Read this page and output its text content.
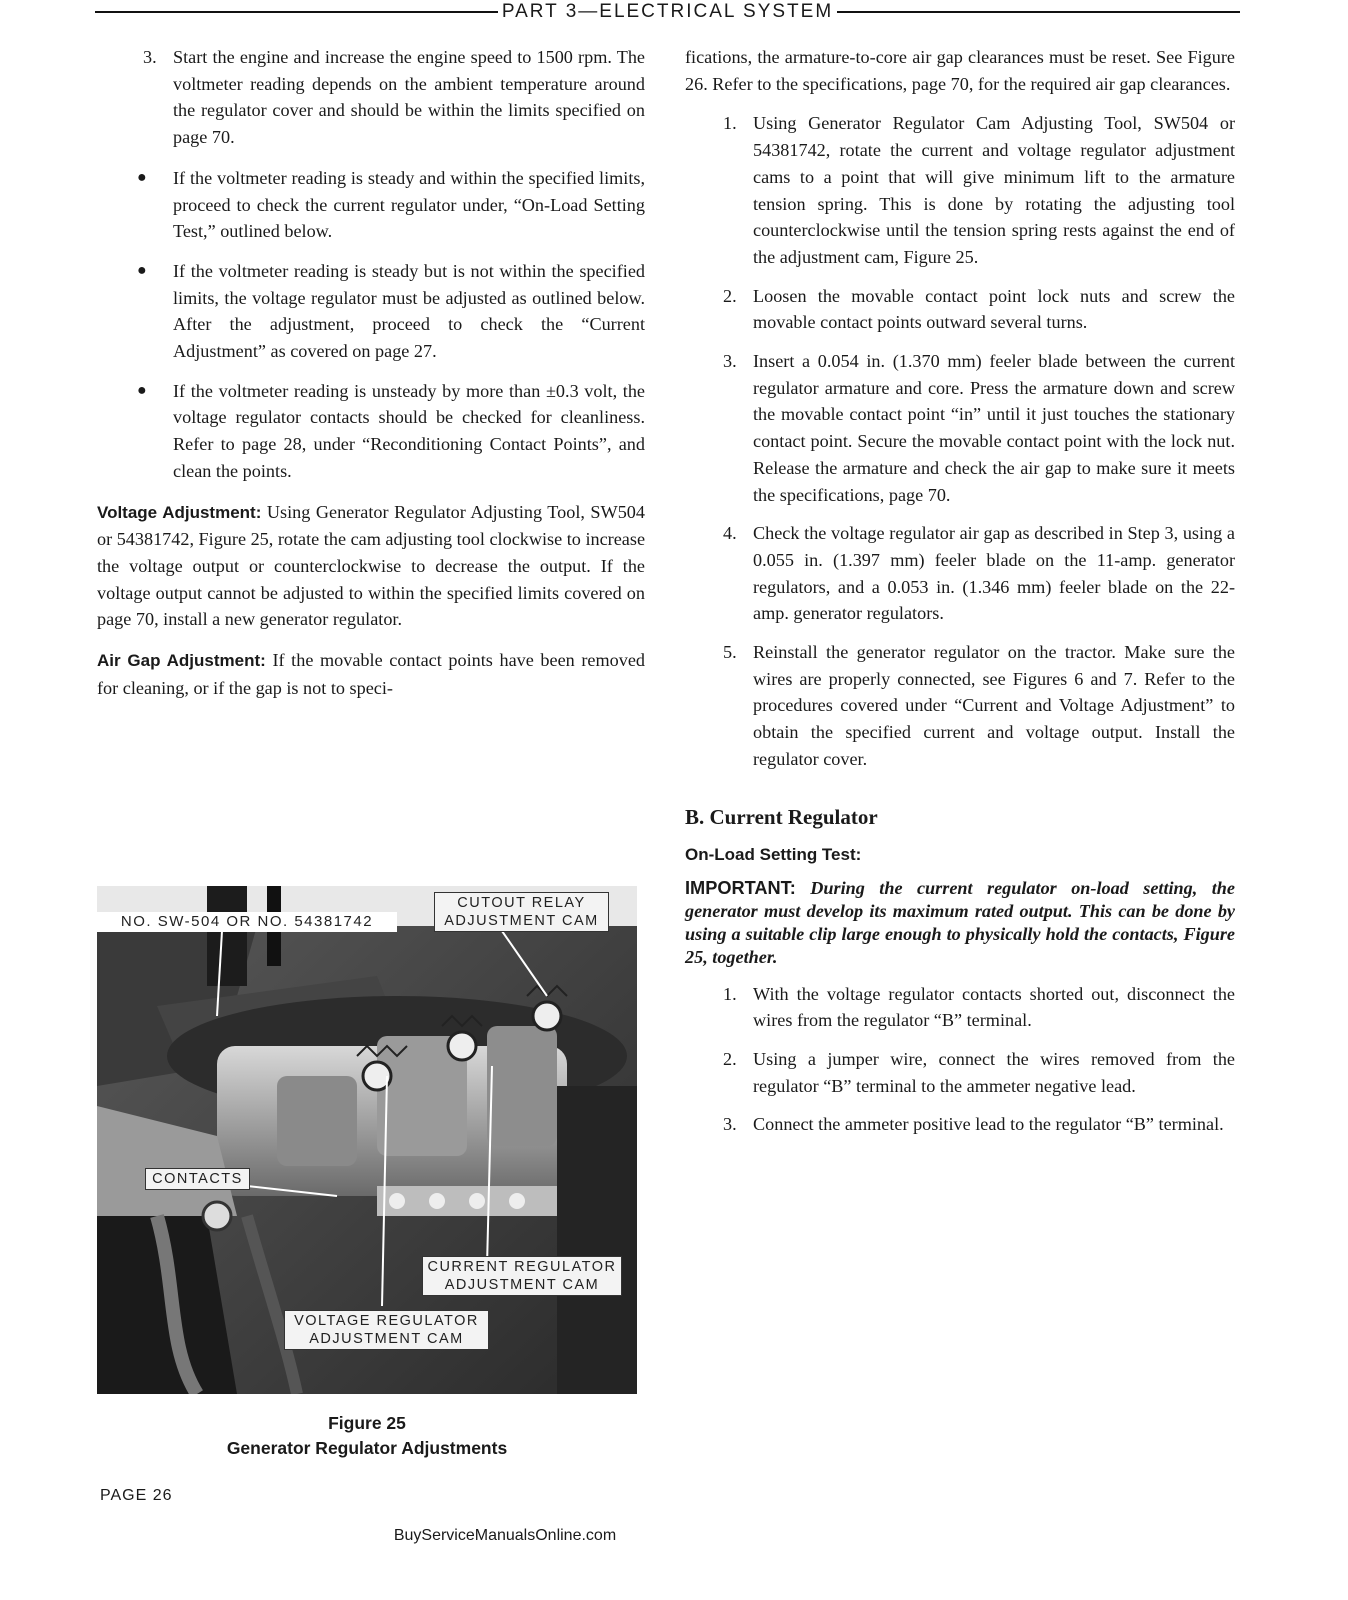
PART 3—ELECTRICAL SYSTEM
3. Start the engine and increase the engine speed to 1500 rpm. The voltmeter reading depends on the ambient temperature around the regulator cover and should be within the limits specified on page 70.

● If the voltmeter reading is steady and within the specified limits, proceed to check the current regulator under, “On-Load Setting Test,” outlined below.

● If the voltmeter reading is steady but is not within the specified limits, the voltage regulator must be adjusted as outlined below. After the adjustment, proceed to check the “Current Adjustment” as covered on page 27.

● If the voltmeter reading is unsteady by more than ±0.3 volt, the voltage regulator contacts should be checked for cleanliness. Refer to page 28, under “Reconditioning Contact Points”, and clean the points.

Voltage Adjustment: Using Generator Regulator Adjusting Tool, SW504 or 54381742, Figure 25, rotate the cam adjusting tool clockwise to increase the voltage output or counterclockwise to decrease the output. If the voltage output cannot be adjusted to within the specified limits covered on page 70, install a new generator regulator.

Air Gap Adjustment: If the movable contact points have been removed for cleaning, or if the gap is not to speci-

NO. SW-504 OR NO. 54381742
CUTOUT RELAY ADJUSTMENT CAM
CONTACTS
CURRENT REGULATOR ADJUSTMENT CAM
VOLTAGE REGULATOR ADJUSTMENT CAM
Figure 25
Generator Regulator Adjustments

fications, the armature-to-core air gap clearances must be reset. See Figure 26. Refer to the specifications, page 70, for the required air gap clearances.

1. Using Generator Regulator Cam Adjusting Tool, SW504 or 54381742, rotate the current and voltage regulator adjustment cams to a point that will give minimum lift to the armature tension spring. This is done by rotating the adjusting tool counterclockwise until the tension spring rests against the end of the adjustment cam, Figure 25.

2. Loosen the movable contact point lock nuts and screw the movable contact points outward several turns.

3. Insert a 0.054 in. (1.370 mm) feeler blade between the current regulator armature and core. Press the armature down and screw the movable contact point “in” until it just touches the stationary contact point. Secure the movable contact point with the lock nut. Release the armature and check the air gap to make sure it meets the specifications, page 70.

4. Check the voltage regulator air gap as described in Step 3, using a 0.055 in. (1.397 mm) feeler blade on the 11-amp. generator regulators, and a 0.053 in. (1.346 mm) feeler blade on the 22-amp. generator regulators.

5. Reinstall the generator regulator on the tractor. Make sure the wires are properly connected, see Figures 6 and 7. Refer to the procedures covered under “Current and Voltage Adjustment” to obtain the specified current and voltage output. Install the regulator cover.

B. Current Regulator

On-Load Setting Test:

IMPORTANT: During the current regulator on-load setting, the generator must develop its maximum rated output. This can be done by using a suitable clip large enough to physically hold the contacts, Figure 25, together.

1. With the voltage regulator contacts shorted out, disconnect the wires from the regulator “B” terminal.

2. Using a jumper wire, connect the wires removed from the regulator “B” terminal to the ammeter negative lead.

3. Connect the ammeter positive lead to the regulator “B” terminal.

PAGE 26
BuyServiceManualsOnline.com
